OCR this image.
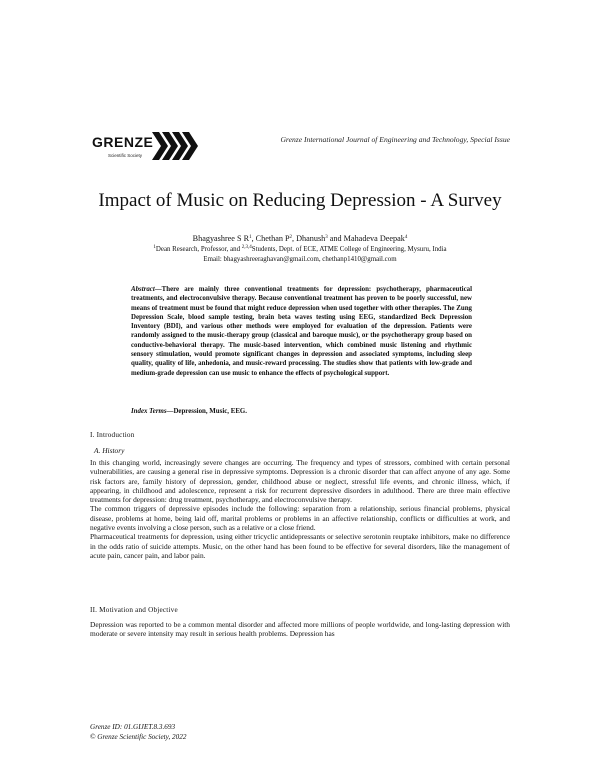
GRENZE
Scientific Society
Grenze International Journal of Engineering and Technology, Special Issue
Impact of Music on Reducing Depression - A Survey
Bhagyashree S $R^1$, Chethan $P^2$, Dhanush$^3$ and Mahadeva Deepak$^4$
$^1$Dean Research, Professor, and $^{2,3,4}$Students, Dept. of ECE, ATME College of Engineering, Mysuru, India
Email: bhagyashreeraghavan@gmail.com, chethanp1410@gmail.com
Abstract—There are mainly three conventional treatments for depression: psychotherapy, pharmaceutical treatments, and electroconvulsive therapy. Because conventional treatment has proven to be poorly successful, new means of treatment must be found that might reduce depression when used together with other therapies. The Zung Depression Scale, blood sample testing, brain beta waves testing using EEG, standardized Beck Depression Inventory (BDI), and various other methods were employed for evaluation of the depression. Patients were randomly assigned to the music-therapy group (classical and baroque music), or the psychotherapy group based on conductive-behavioral therapy. The music-based intervention, which combined music listening and rhythmic sensory stimulation, would promote significant changes in depression and associated symptoms, including sleep quality, quality of life, anhedonia, and music-reward processing. The studies show that patients with low-grade and medium-grade depression can use music to enhance the effects of psychological support.
Index Terms—Depression, Music, EEG.
I. Introduction
A. History

In this changing world, increasingly severe changes are occurring. The frequency and types of stressors, combined with certain personal vulnerabilities, are causing a general rise in depressive symptoms. Depression is a chronic disorder that can affect anyone of any age. Some risk factors are, family history of depression, gender, childhood abuse or neglect, stressful life events, and chronic illness, which, if appearing, in childhood and adolescence, represent a risk for recurrent depressive disorders in adulthood. There are three main effective treatments for depression: drug treatment, psychotherapy, and electroconvulsive therapy.

The common triggers of depressive episodes include the following: separation from a relationship, serious financial problems, physical disease, problems at home, being laid off, marital problems or problems in an affective relationship, conflicts or difficulties at work, and negative events involving a close person, such as a relative or a close friend.

Pharmaceutical treatments for depression, using either tricyclic antidepressants or selective serotonin reuptake inhibitors, make no difference in the odds ratio of suicide attempts. Music, on the other hand has been found to be effective for several disorders, like the management of acute pain, cancer pain, and labor pain.

II. Motivation and Objective

Depression was reported to be a common mental disorder and affected more millions of people worldwide, and long-lasting depression with moderate or severe intensity may result in serious health problems. Depression has

Grenze ID: 01.GIJET.8.3.693
© Grenze Scientific Society, 2022
